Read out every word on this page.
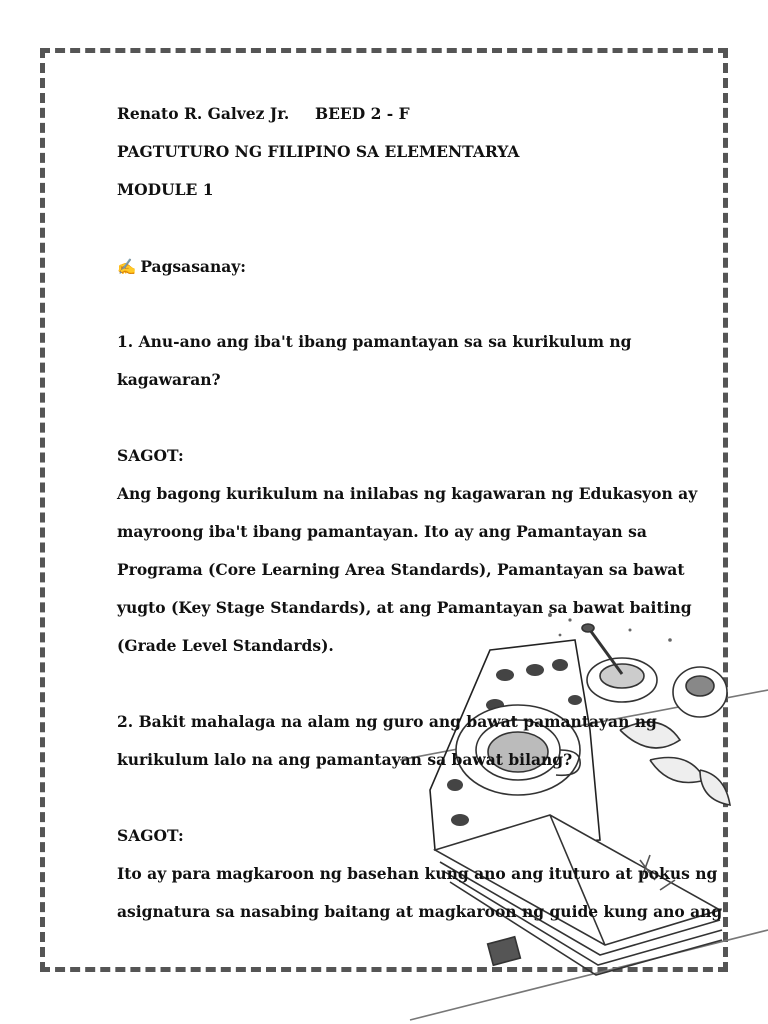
Renato R. Galvez Jr. BEED 2 - F
PAGTUTURO NG FILIPINO SA ELEMENTARYA
MODULE 1
✍ Pagsasanay:
1. Anu-ano ang iba't ibang pamantayan sa sa kurikulum ng
kagawaran?
SAGOT:
Ang bagong kurikulum na inilabas ng kagawaran ng Edukasyon ay
mayroong iba't ibang pamantayan. Ito ay ang Pamantayan sa
Programa (Core Learning Area Standards), Pamantayan sa bawat
yugto (Key Stage Standards), at ang Pamantayan sa bawat baiting
(Grade Level Standards).
2. Bakit mahalaga na alam ng guro ang bawat pamantayan ng
kurikulum lalo na ang pamantayan sa bawat bilang?
SAGOT:
Ito ay para magkaroon ng basehan kung ano ang ituturo at pokus ng
asignatura sa nasabing baitang at magkaroon ng guide kung ano ang
